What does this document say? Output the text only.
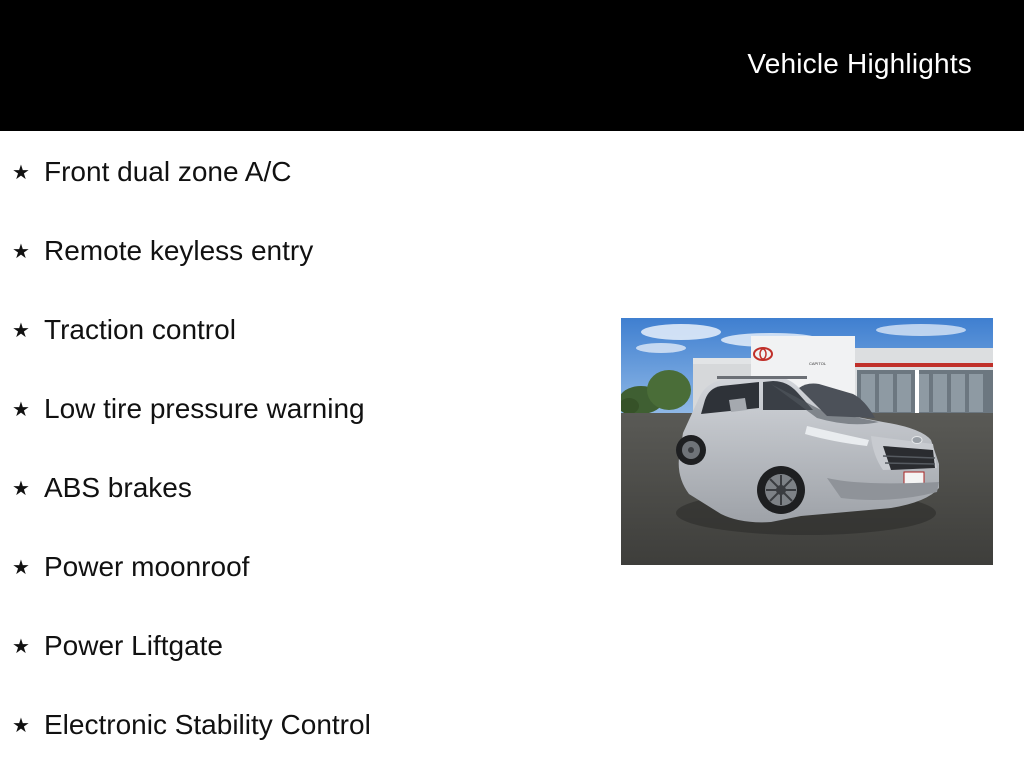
Vehicle Highlights
★ Front dual zone A/C
★ Remote keyless entry
★ Traction control
★ Low tire pressure warning
★ ABS brakes
★ Power moonroof
★ Power Liftgate
★ Electronic Stability Control
CAPITOL
